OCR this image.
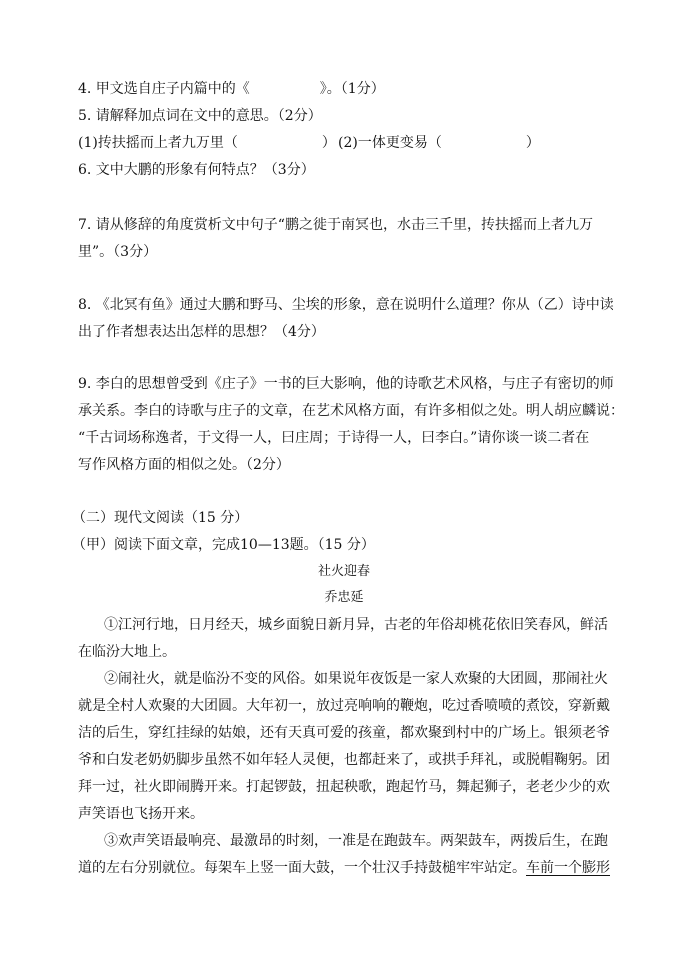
4. 甲文选自庄子内篇中的《　　　　　》。（1分）
5. 请解释加点词在文中的意思。（2分）
(1)抟扶摇而上者九万里（　　　　　　） (2)一体更变易（　　　　　　）
6. 文中大鹏的形象有何特点？（3分）
7. 请从修辞的角度赏析文中句子“鹏之徙于南冥也，水击三千里，抟扶摇而上者九万
里”。（3分）
8. 《北冥有鱼》通过大鹏和野马、尘埃的形象，意在说明什么道理？你从（乙）诗中读
出了作者想表达出怎样的思想？（4分）
9. 李白的思想曾受到《庄子》一书的巨大影响，他的诗歌艺术风格，与庄子有密切的师
承关系。李白的诗歌与庄子的文章，在艺术风格方面，有许多相似之处。明人胡应麟说：
“千古词场称逸者，于文得一人，曰庄周；于诗得一人，曰李白。”请你谈一谈二者在
写作风格方面的相似之处。（2分）
（二）现代文阅读（15 分）
（甲）阅读下面文章，完成10—13题。（15 分）
社火迎春
乔忠延
①江河行地，日月经天，城乡面貌日新月异，古老的年俗却桃花依旧笑春风，鲜活
在临汾大地上。
②闹社火，就是临汾不变的风俗。如果说年夜饭是一家人欢聚的大团圆，那闹社火
就是全村人欢聚的大团圆。大年初一，放过亮响响的鞭炮，吃过香喷喷的煮饺，穿新戴
洁的后生，穿红挂绿的姑娘，还有天真可爱的孩童，都欢聚到村中的广场上。银须老爷
爷和白发老奶奶脚步虽然不如年轻人灵便，也都赶来了，或拱手拜礼，或脱帽鞠躬。团
拜一过，社火即闹腾开来。打起锣鼓，扭起秧歌，跑起竹马，舞起狮子，老老少少的欢
声笑语也飞扬开来。
③欢声笑语最响亮、最激昂的时刻，一准是在跑鼓车。两架鼓车，两拨后生，在跑
道的左右分别就位。每架车上竖一面大鼓，一个壮汉手持鼓槌牢牢站定。车前一个膨形
